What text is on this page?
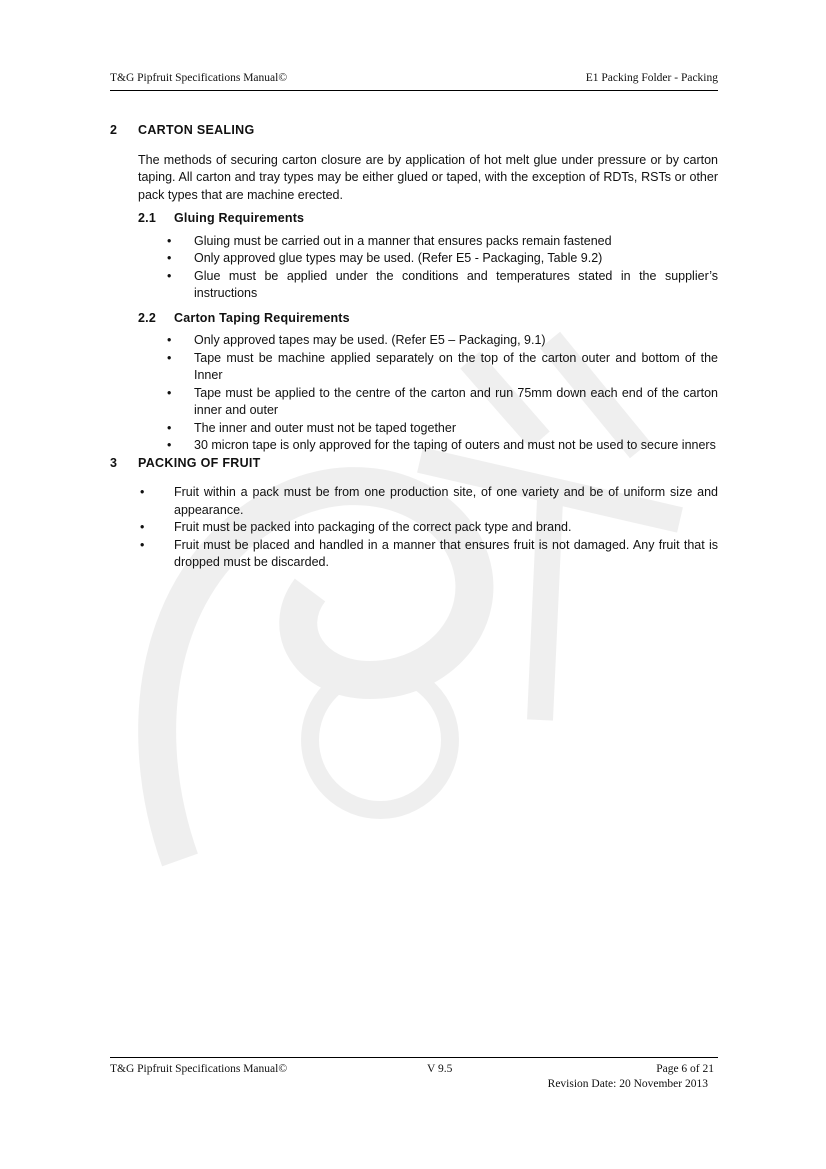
T&G Pipfruit Specifications Manual©	E1 Packing Folder - Packing
2	CARTON SEALING

The methods of securing carton closure are by application of hot melt glue under pressure or by carton taping. All carton and tray types may be either glued or taped, with the exception of RDTs, RSTs or other pack types that are machine erected.

2.1	Gluing Requirements
• Gluing must be carried out in a manner that ensures packs remain fastened
• Only approved glue types may be used. (Refer E5 - Packaging, Table 9.2)
• Glue must be applied under the conditions and temperatures stated in the supplier’s instructions
2.2	Carton Taping Requirements
• Only approved tapes may be used. (Refer E5 – Packaging, 9.1)
• Tape must be machine applied separately on the top of the carton outer and bottom of the Inner
• Tape must be applied to the centre of the carton and run 75mm down each end of the carton inner and outer
• The inner and outer must not be taped together
• 30 micron tape is only approved for the taping of outers and must not be used to secure inners
3	PACKING OF FRUIT
• Fruit within a pack must be from one production site, of one variety and be of uniform size and appearance.
• Fruit must be packed into packaging of the correct pack type and brand.
• Fruit must be placed and handled in a manner that ensures fruit is not damaged. Any fruit that is dropped must be discarded.
T&G Pipfruit Specifications Manual©	V 9.5	Page 6 of 21
Revision Date: 20 November 2013
